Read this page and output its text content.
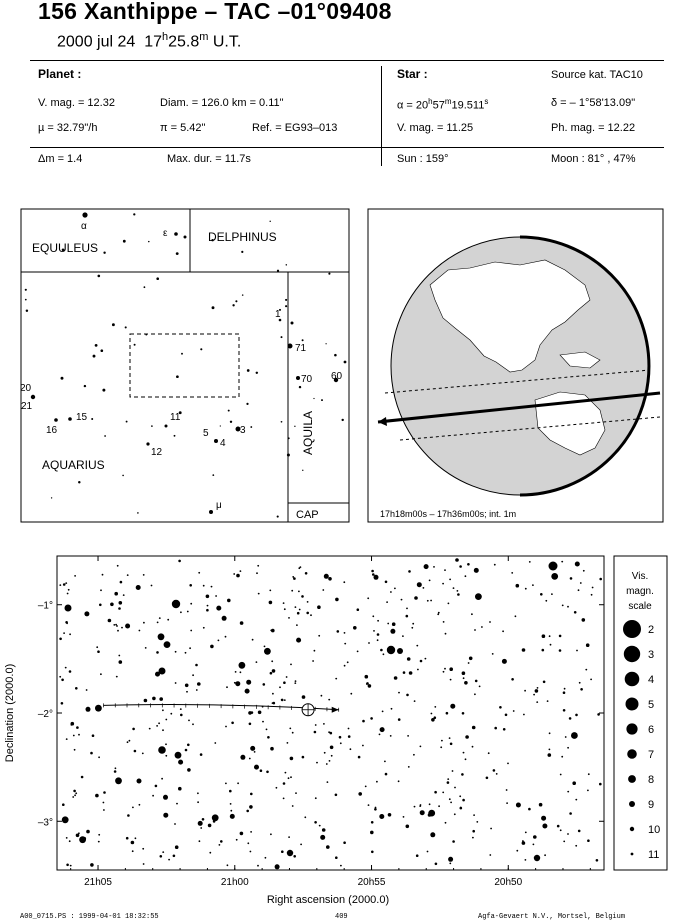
156 Xanthippe – TAC –01°09408
2000 jul 24 17$^h$25.8$^m$ U.T.
Planet :
V. mag. = 12.32	Diam. = 126.0 km = 0.11"
µ = 32.79"/h	π = 5.42"	Ref. = EG93–013
Star :	Source kat. TAC10
$\alpha = 20^h57^m19.511^s$	δ = – 1°58'13.09"
V. mag. = 11.25	Ph. mag. = 12.22
Δm = 1.4	Max. dur. = 11.7s	Sun : 159°	Moon : 81° , 47%
EQUULEUS
DELPHINUS
AQUARIUS
AQUILA
CAP
α
ε
1
71
70 60
20
21
16
15	11
12
5
4
3
μ
17h18m00s – 17h36m00s; int. 1m
21h05	21h00	20h55	20h50
–1°
–2°
–3°
Right ascension (2000.0)
Declination (2000.0)
Vis.
magn.
scale
2
3
4
5
6
7
8
9
10
11
A00_0715.PS : 1999-04-01 18:32:55	409	Agfa-Gevaert N.V., Mortsel, Belgium
